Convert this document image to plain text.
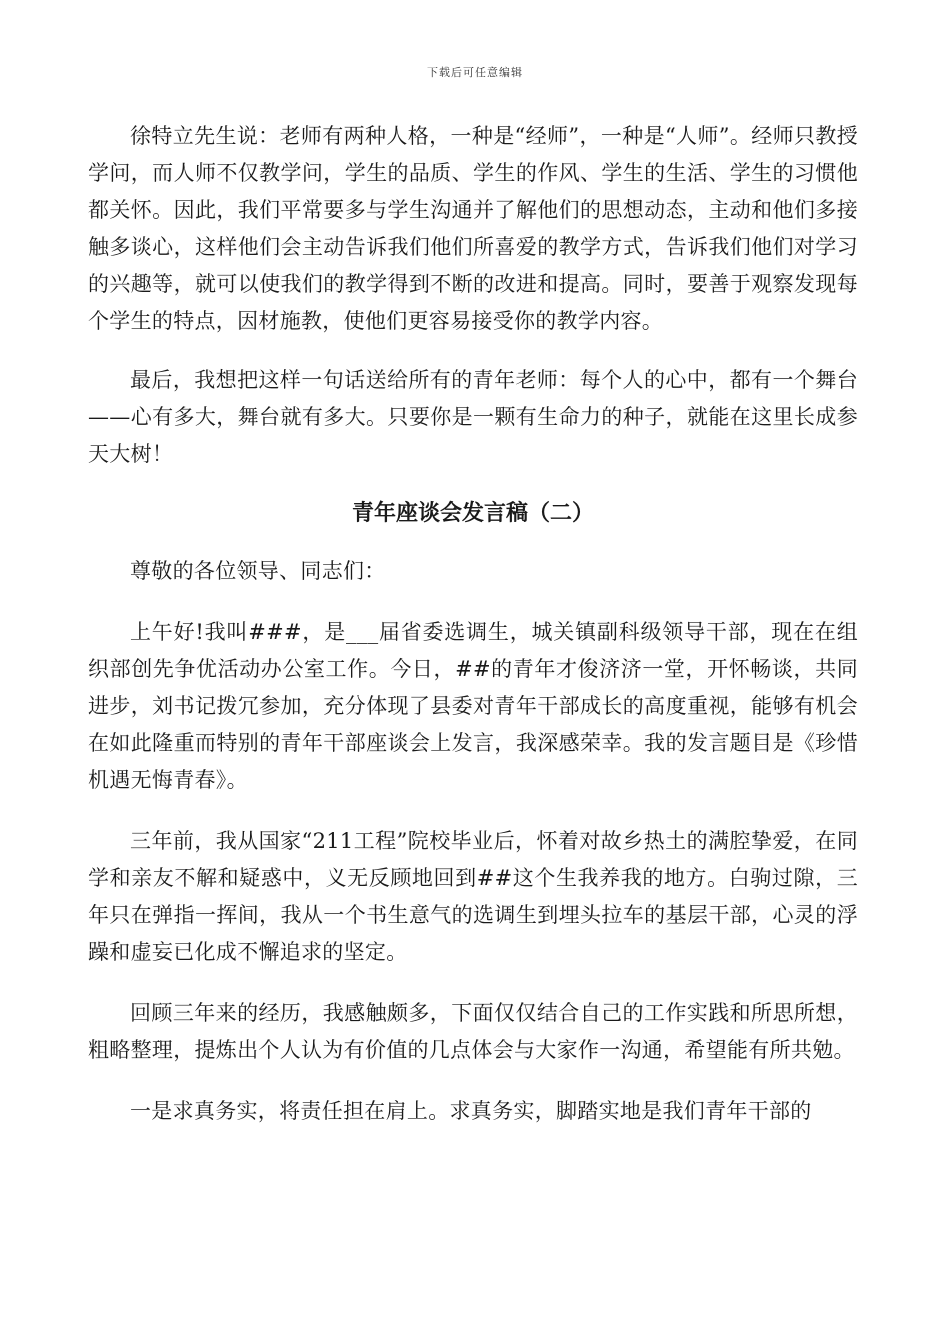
下载后可任意编辑

徐特立先生说：老师有两种人格，一种是“经师”，一种是“人师”。经师只教授学问，而人师不仅教学问，学生的品质、学生的作风、学生的生活、学生的习惯他都关怀。因此，我们平常要多与学生沟通并了解他们的思想动态，主动和他们多接触多谈心，这样他们会主动告诉我们他们所喜爱的教学方式，告诉我们他们对学习的兴趣等，就可以使我们的教学得到不断的改进和提高。同时，要善于观察发现每个学生的特点，因材施教，使他们更容易接受你的教学内容。

最后，我想把这样一句话送给所有的青年老师：每个人的心中，都有一个舞台——心有多大，舞台就有多大。只要你是一颗有生命力的种子，就能在这里长成参天大树！

青年座谈会发言稿（二）

尊敬的各位领导、同志们：

上午好!我叫###，是___届省委选调生，城关镇副科级领导干部，现在在组织部创先争优活动办公室工作。今日，##的青年才俊济济一堂，开怀畅谈，共同进步，刘书记拨冗参加，充分体现了县委对青年干部成长的高度重视，能够有机会在如此隆重而特别的青年干部座谈会上发言，我深感荣幸。我的发言题目是《珍惜机遇无悔青春》。

三年前，我从国家“211工程”院校毕业后，怀着对故乡热土的满腔挚爱，在同学和亲友不解和疑惑中，义无反顾地回到##这个生我养我的地方。白驹过隙，三年只在弹指一挥间，我从一个书生意气的选调生到埋头拉车的基层干部，心灵的浮躁和虚妄已化成不懈追求的坚定。

回顾三年来的经历，我感触颇多，下面仅仅结合自己的工作实践和所思所想，粗略整理，提炼出个人认为有价值的几点体会与大家作一沟通，希望能有所共勉。

一是求真务实，将责任担在肩上。求真务实，脚踏实地是我们青年干部的
